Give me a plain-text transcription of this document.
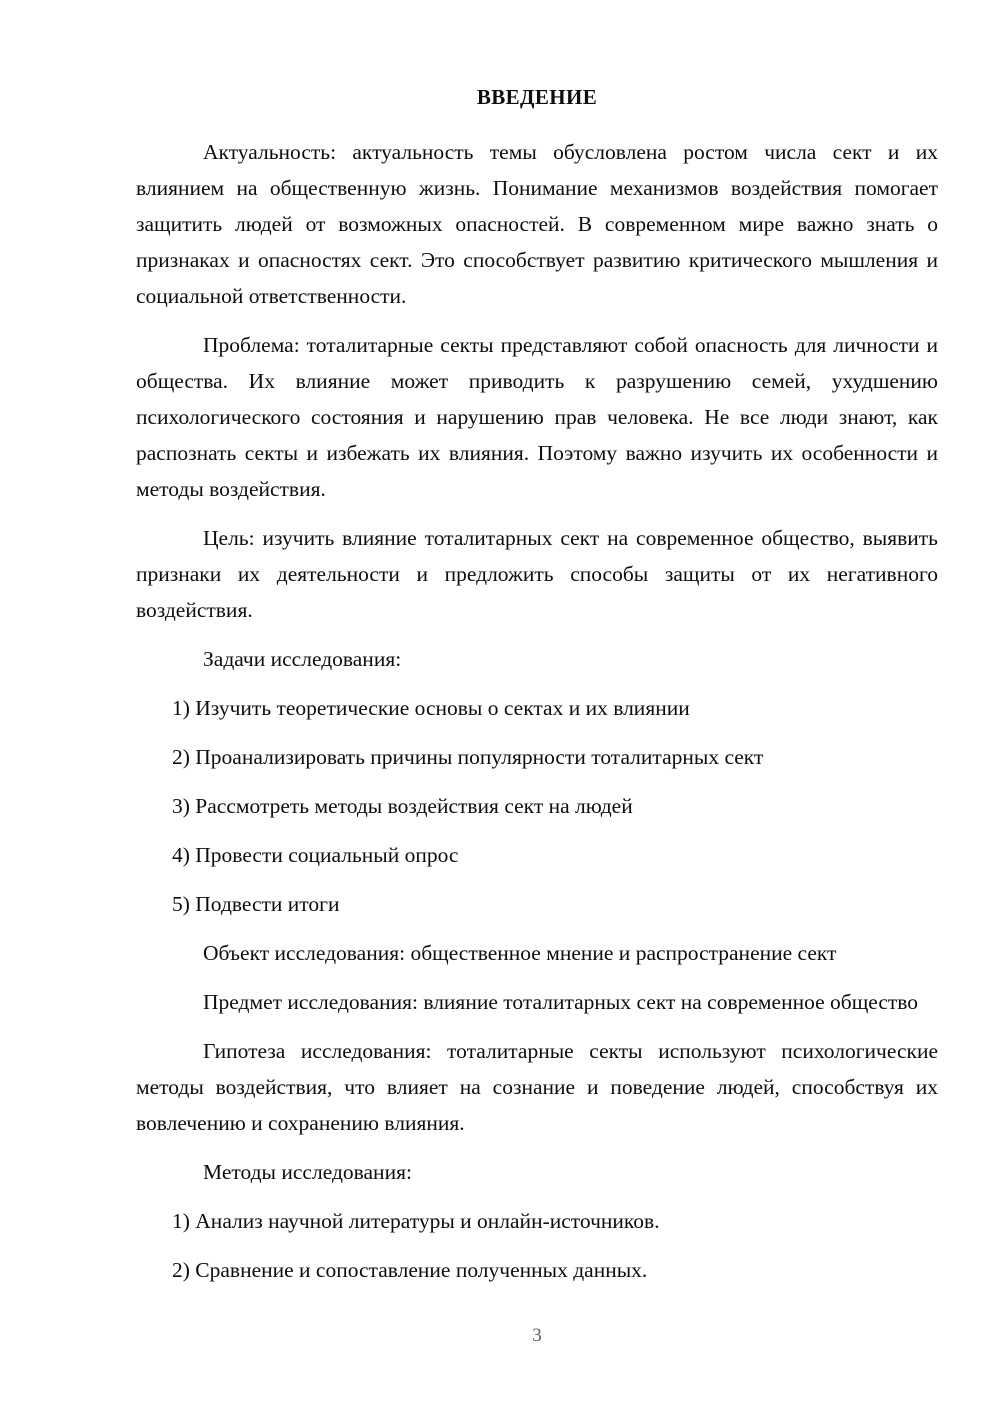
ВВЕДЕНИЕ

Актуальность: актуальность темы обусловлена ростом числа сект и их влиянием на общественную жизнь. Понимание механизмов воздействия помогает защитить людей от возможных опасностей. В современном мире важно знать о признаках и опасностях сект. Это способствует развитию критического мышления и социальной ответственности.

Проблема: тоталитарные секты представляют собой опасность для личности и общества. Их влияние может приводить к разрушению семей, ухудшению психологического состояния и нарушению прав человека. Не все люди знают, как распознать секты и избежать их влияния. Поэтому важно изучить их особенности и методы воздействия.

Цель: изучить влияние тоталитарных сект на современное общество, выявить признаки их деятельности и предложить способы защиты от их негативного воздействия.

Задачи исследования:

1) Изучить теоретические основы о сектах и их влиянии
2) Проанализировать причины популярности тоталитарных сект
3) Рассмотреть методы воздействия сект на людей
4) Провести социальный опрос
5) Подвести итоги

Объект исследования: общественное мнение и распространение сект

Предмет исследования: влияние тоталитарных сект на современное общество

Гипотеза исследования: тоталитарные секты используют психологические методы воздействия, что влияет на сознание и поведение людей, способствуя их вовлечению и сохранению влияния.

Методы исследования:

1) Анализ научной литературы и онлайн-источников.
2) Сравнение и сопоставление полученных данных.
3
